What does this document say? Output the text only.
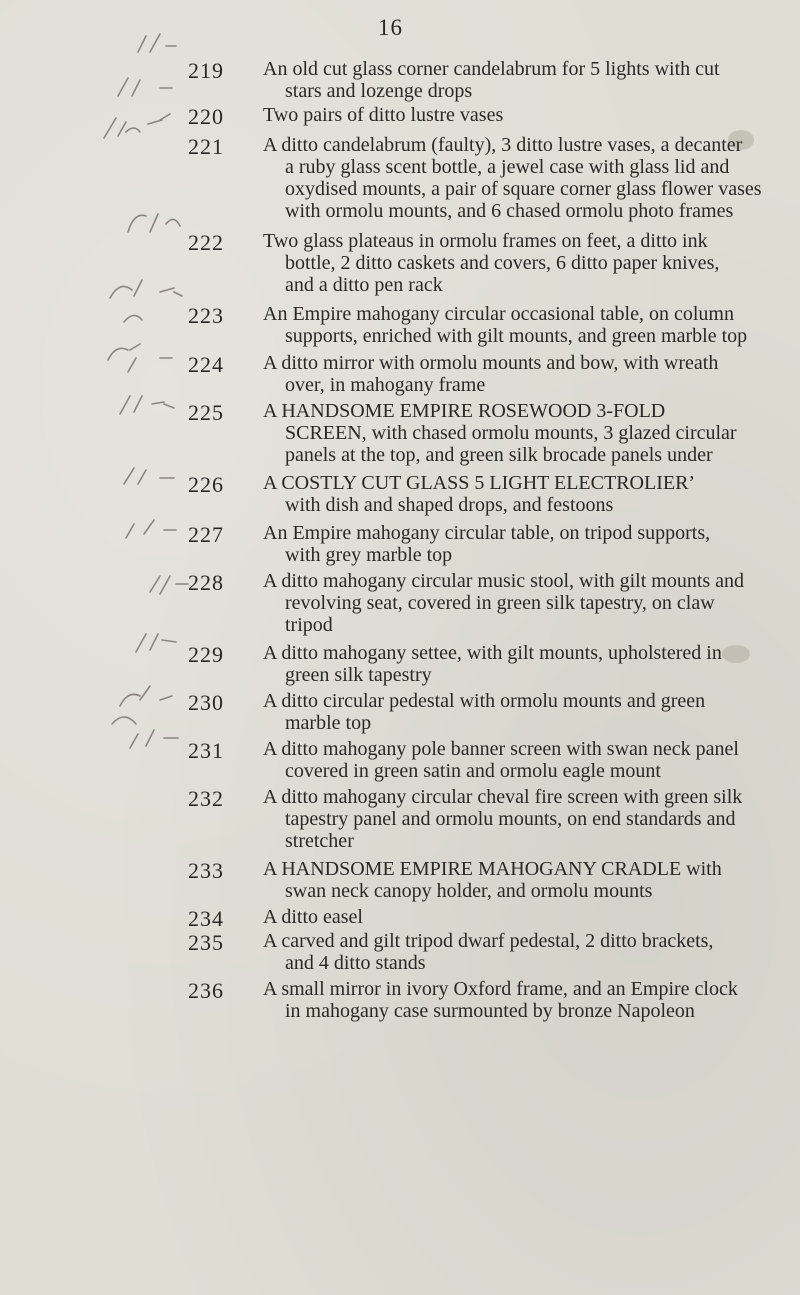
16
219 An old cut glass corner candelabrum for 5 lights with cut
stars and lozenge drops
220 Two pairs of ditto lustre vases
221 A ditto candelabrum (faulty), 3 ditto lustre vases, a decanter
a ruby glass scent bottle, a jewel case with glass lid and
oxydised mounts, a pair of square corner glass flower vases
with ormolu mounts, and 6 chased ormolu photo frames
222 Two glass plateaus in ormolu frames on feet, a ditto ink
bottle, 2 ditto caskets and covers, 6 ditto paper knives,
and a ditto pen rack
223 An Empire mahogany circular occasional table, on column
supports, enriched with gilt mounts, and green marble top
224 A ditto mirror with ormolu mounts and bow, with wreath
over, in mahogany frame
225 A HANDSOME EMPIRE ROSEWOOD 3-FOLD
SCREEN, with chased ormolu mounts, 3 glazed circular
panels at the top, and green silk brocade panels under
226 A COSTLY CUT GLASS 5 LIGHT ELECTROLIER’
with dish and shaped drops, and festoons
227 An Empire mahogany circular table, on tripod supports,
with grey marble top
228 A ditto mahogany circular music stool, with gilt mounts and
revolving seat, covered in green silk tapestry, on claw
tripod
229 A ditto mahogany settee, with gilt mounts, upholstered in
green silk tapestry
230 A ditto circular pedestal with ormolu mounts and green
marble top
231 A ditto mahogany pole banner screen with swan neck panel
covered in green satin and ormolu eagle mount
232 A ditto mahogany circular cheval fire screen with green silk
tapestry panel and ormolu mounts, on end standards and
stretcher
233 A HANDSOME EMPIRE MAHOGANY CRADLE with
swan neck canopy holder, and ormolu mounts
234 A ditto easel
235 A carved and gilt tripod dwarf pedestal, 2 ditto brackets,
and 4 ditto stands
236 A small mirror in ivory Oxford frame, and an Empire clock
in mahogany case surmounted by bronze Napoleon
